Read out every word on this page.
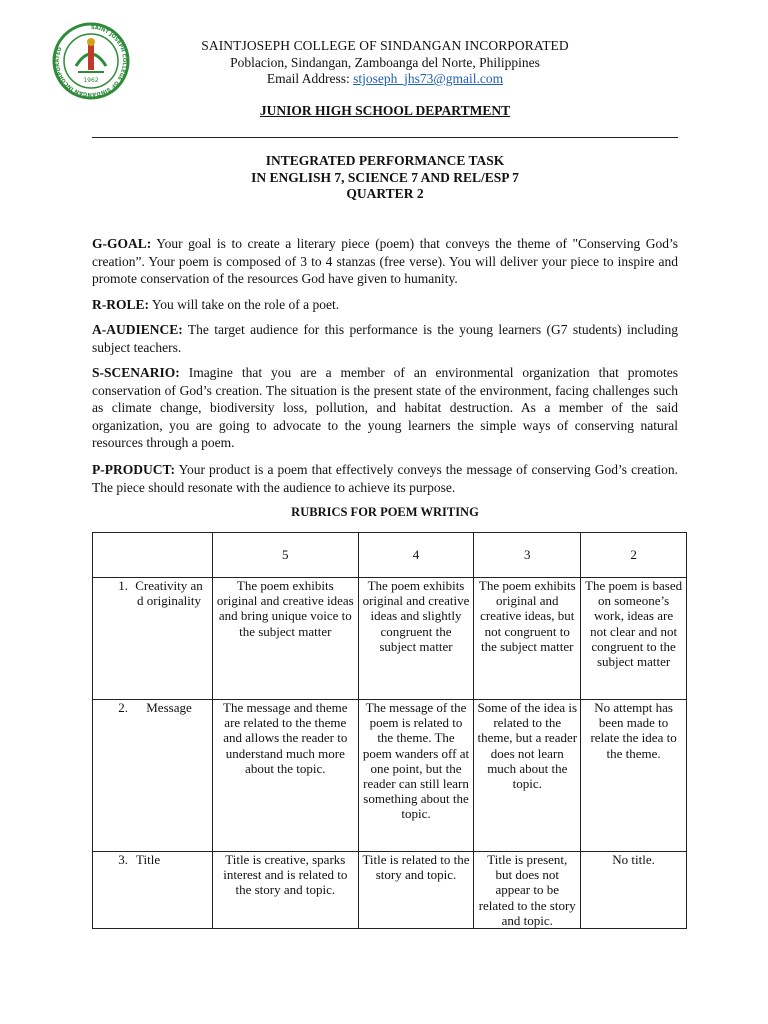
SAINT JOSEPH COLLEGE OF SINDANGAN INCORPORATED
1962
SAINTJOSEPH COLLEGE OF SINDANGAN INCORPORATED
Poblacion, Sindangan, Zamboanga del Norte, Philippines
Email Address: stjoseph_jhs73@gmail.com
JUNIOR HIGH SCHOOL DEPARTMENT
INTEGRATED PERFORMANCE TASK
IN ENGLISH 7, SCIENCE 7 AND REL/ESP 7
QUARTER 2

G-GOAL: Your goal is to create a literary piece (poem) that conveys the theme of "Conserving God’s creation”. Your poem is composed of 3 to 4 stanzas (free verse). You will deliver your piece to inspire and promote conservation of the resources God have given to humanity.

R-ROLE: You will take on the role of a poet.

A-AUDIENCE: The target audience for this performance is the young learners (G7 students) including subject teachers.

S-SCENARIO: Imagine that you are a member of an environmental organization that promotes conservation of God’s creation. The situation is the present state of the environment, facing challenges such as climate change, biodiversity loss, pollution, and habitat destruction. As a member of the said organization, you are going to advocate to the young learners the simple ways of conserving natural resources through a poem.

P-PRODUCT: Your product is a poem that effectively conveys the message of conserving God’s creation. The piece should resonate with the audience to achieve its purpose.

RUBRICS FOR POEM WRITING
	5	4	3	2

1. Creativity and originality	The poem exhibits original and creative ideas and bring unique voice to the subject matter	The poem exhibits original and creative ideas and slightly congruent the subject matter	The poem exhibits original and creative ideas, but not congruent to the subject matter	The poem is based on someone’s work, ideas are not clear and not congruent to the subject matter

2. Message	The message and theme are related to the theme and allows the reader to understand much more about the topic.	The message of the poem is related to the theme. The poem wanders off at one point, but the reader can still learn something about the topic.	Some of the idea is related to the theme, but a reader does not learn much about the topic.	No attempt has been made to relate the idea to the theme.

3. Title	Title is creative, sparks interest and is related to the story and topic.	Title is related to the story and topic.	Title is present, but does not appear to be related to the story and topic.	No title.
